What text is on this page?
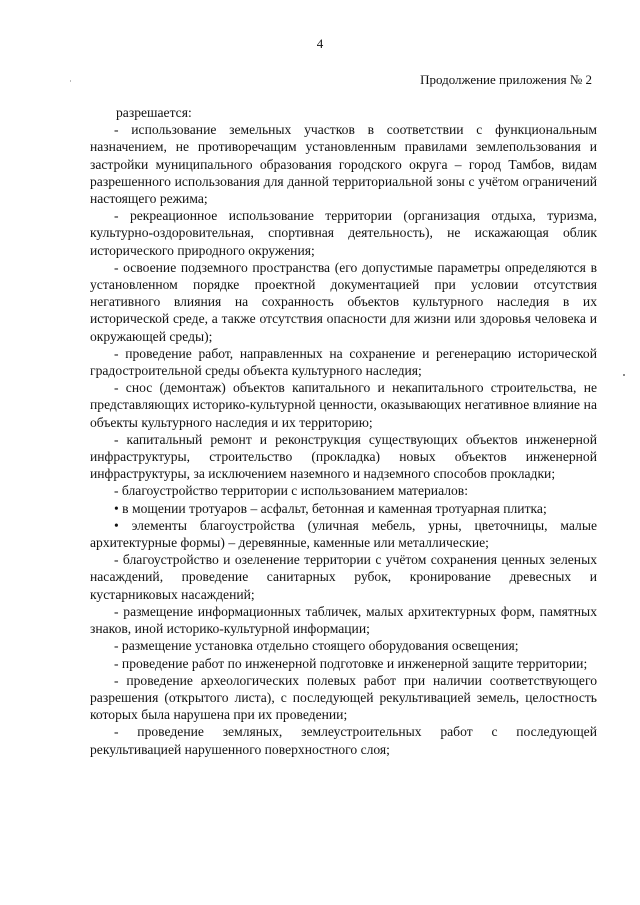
4
Продолжение приложения № 2

разрешается:

- использование земельных участков в соответствии с функциональным назначением, не противоречащим установленным правилами землепользования и застройки муниципального образования городского округа – город Тамбов, видам разрешенного использования для данной территориальной зоны с учётом ограничений настоящего режима;

- рекреационное использование территории (организация отдыха, туризма, культурно-оздоровительная, спортивная деятельность), не искажающая облик исторического природного окружения;

- освоение подземного пространства (его допустимые параметры определяются в установленном порядке проектной документацией при условии отсутствия негативного влияния на сохранность объектов культурного наследия в их исторической среде, а также отсутствия опасности для жизни или здоровья человека и окружающей среды);

- проведение работ, направленных на сохранение и регенерацию исторической градостроительной среды объекта культурного наследия;

- снос (демонтаж) объектов капитального и некапитального строительства, не представляющих историко-культурной ценности, оказывающих негативное влияние на объекты культурного наследия и их территорию;

- капитальный ремонт и реконструкция существующих объектов инженерной инфраструктуры, строительство (прокладка) новых объектов инженерной инфраструктуры, за исключением наземного и надземного способов прокладки;

- благоустройство территории с использованием материалов:

• в мощении тротуаров – асфальт, бетонная и каменная тротуарная плитка;

• элементы благоустройства (уличная мебель, урны, цветочницы, малые архитектурные формы) – деревянные, каменные или металлические;

- благоустройство и озеленение территории с учётом сохранения ценных зеленых насаждений, проведение санитарных рубок, кронирование древесных и кустарниковых насаждений;

- размещение информационных табличек, малых архитектурных форм, памятных знаков, иной историко-культурной информации;

- размещение установка отдельно стоящего оборудования освещения;

- проведение работ по инженерной подготовке и инженерной защите территории;

- проведение археологических полевых работ при наличии соответствующего разрешения (открытого листа), с последующей рекультивацией земель, целостность которых была нарушена при их проведении;

- проведение земляных, землеустроительных работ с последующей рекультивацией нарушенного поверхностного слоя;
